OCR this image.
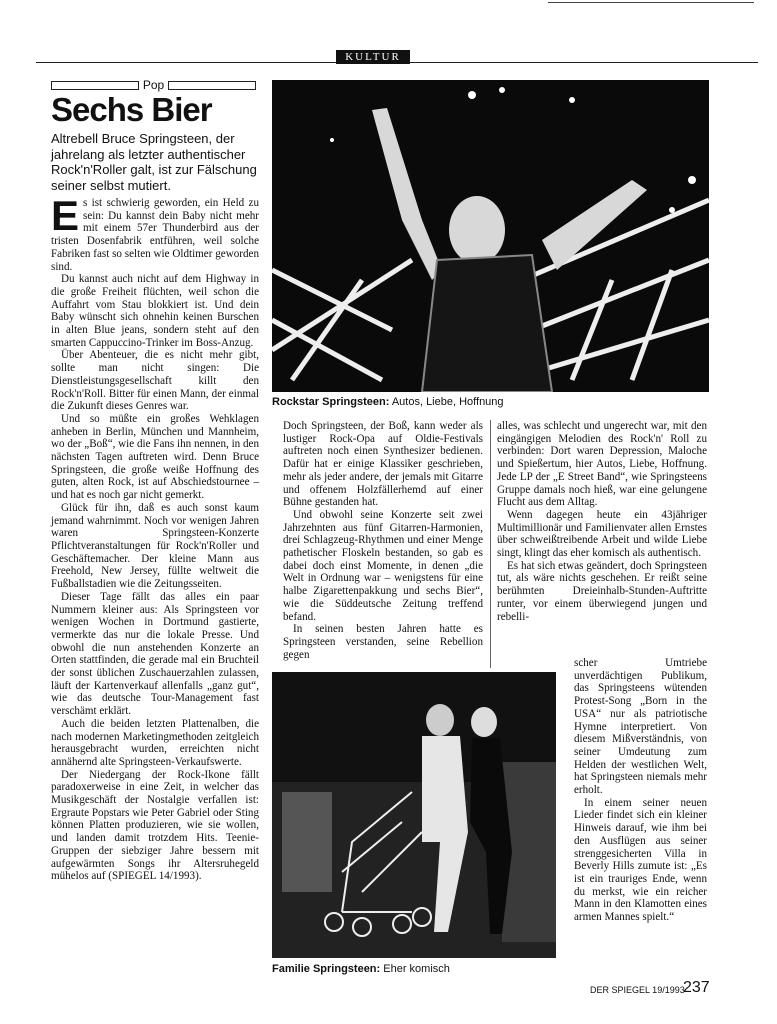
KULTUR
Pop
Sechs Bier
Altrebell Bruce Springsteen, der jahrelang als letzter authentischer Rock'n'Roller galt, ist zur Fälschung seiner selbst mutiert.

Es ist schwierig geworden, ein Held zu sein: Du kannst dein Baby nicht mehr mit einem 57er Thunderbird aus der tristen Dosenfabrik entführen, weil solche Fabriken fast so selten wie Oldtimer geworden sind.

Du kannst auch nicht auf dem Highway in die große Freiheit flüchten, weil schon die Auffahrt vom Stau blokkiert ist. Und dein Baby wünscht sich ohnehin keinen Burschen in alten Blue jeans, sondern steht auf den smarten Cappuccino-Trinker im Boss-Anzug.

Über Abenteuer, die es nicht mehr gibt, sollte man nicht singen: Die Dienstleistungsgesellschaft killt den Rock'n'Roll. Bitter für einen Mann, der einmal die Zukunft dieses Genres war.

Und so müßte ein großes Wehklagen anheben in Berlin, München und Mannheim, wo der „Boß“, wie die Fans ihn nennen, in den nächsten Tagen auftreten wird. Denn Bruce Springsteen, die große weiße Hoffnung des guten, alten Rock, ist auf Abschiedstournee – und hat es noch gar nicht gemerkt.

Glück für ihn, daß es auch sonst kaum jemand wahrnimmt. Noch vor wenigen Jahren waren Springsteen-Konzerte Pflichtveranstaltungen für Rock'n'Roller und Geschäftemacher. Der kleine Mann aus Freehold, New Jersey, füllte weltweit die Fußballstadien wie die Zeitungsseiten.

Dieser Tage fällt das alles ein paar Nummern kleiner aus: Als Springsteen vor wenigen Wochen in Dortmund gastierte, vermerkte das nur die lokale Presse. Und obwohl die nun anstehenden Konzerte an Orten stattfinden, die gerade mal ein Bruchteil der sonst üblichen Zuschauerzahlen zulassen, läuft der Kartenverkauf allenfalls „ganz gut“, wie das deutsche Tour-Management fast verschämt erklärt.

Auch die beiden letzten Plattenalben, die nach modernen Marketingmethoden zeitgleich herausgebracht wurden, erreichten nicht annähernd alte Springsteen-Verkaufswerte.

Der Niedergang der Rock-Ikone fällt paradoxerweise in eine Zeit, in welcher das Musikgeschäft der Nostalgie verfallen ist: Ergraute Popstars wie Peter Gabriel oder Sting können Platten produzieren, wie sie wollen, und landen damit trotzdem Hits. Teenie-Gruppen der siebziger Jahre bessern mit aufgewärmten Songs ihr Altersruhegeld mühelos auf (SPIEGEL 14/1993).

Rockstar Springsteen: Autos, Liebe, Hoffnung

Doch Springsteen, der Boß, kann weder als lustiger Rock-Opa auf Oldie-Festivals auftreten noch einen Synthesizer bedienen. Dafür hat er einige Klassiker geschrieben, mehr als jeder andere, der jemals mit Gitarre und offenem Holzfällerhemd auf einer Bühne gestanden hat.

Und obwohl seine Konzerte seit zwei Jahrzehnten aus fünf Gitarren-Harmonien, drei Schlagzeug-Rhythmen und einer Menge pathetischer Floskeln bestanden, so gab es dabei doch einst Momente, in denen „die Welt in Ordnung war – wenigstens für eine halbe Zigarettenpakkung und sechs Bier“, wie die Süddeutsche Zeitung treffend befand.

In seinen besten Jahren hatte es Springsteen verstanden, seine Rebellion gegen

alles, was schlecht und ungerecht war, mit den eingängigen Melodien des Rock'n' Roll zu verbinden: Dort waren Depression, Maloche und Spießertum, hier Autos, Liebe, Hoffnung. Jede LP der „E Street Band“, wie Springsteens Gruppe damals noch hieß, war eine gelungene Flucht aus dem Alltag.

Wenn dagegen heute ein 43jähriger Multimillionär und Familienvater allen Ernstes über schweißtreibende Arbeit und wilde Liebe singt, klingt das eher komisch als authentisch.

Es hat sich etwas geändert, doch Springsteen tut, als wäre nichts geschehen. Er reißt seine berühmten Dreieinhalb-Stunden-Auftritte runter, vor einem überwiegend jungen und rebelli-

Familie Springsteen: Eher komisch

scher Umtriebe unverdächtigen Publikum, das Springsteens wütenden Protest-Song „Born in the USA“ nur als patriotische Hymne interpretiert. Von diesem Mißverständnis, von seiner Umdeutung zum Helden der westlichen Welt, hat Springsteen niemals mehr erholt.

In einem seiner neuen Lieder findet sich ein kleiner Hinweis darauf, wie ihm bei den Ausflügen aus seiner strenggesicherten Villa in Beverly Hills zumute ist: „Es ist ein trauriges Ende, wenn du merkst, wie ein reicher Mann in den Klamotten eines armen Mannes spielt.“

DER SPIEGEL 19/1993
237
